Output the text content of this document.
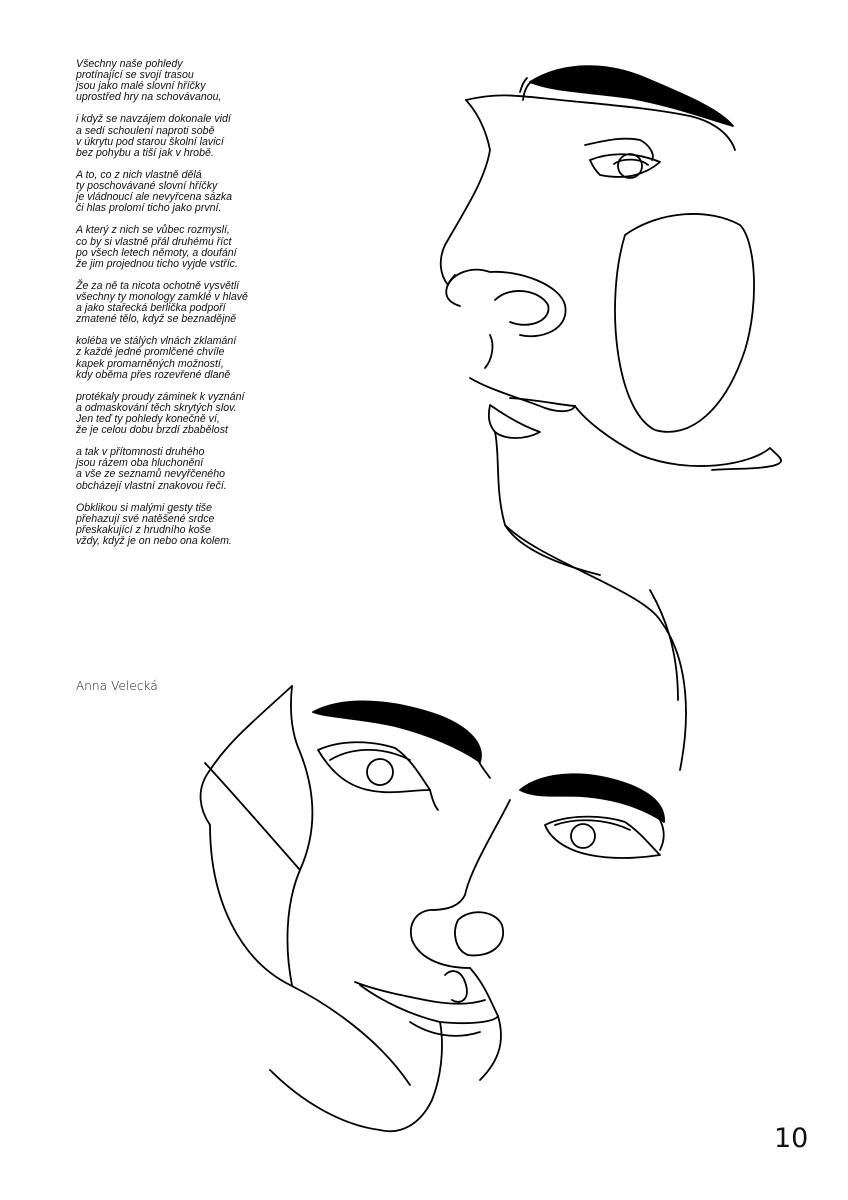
Všechny naše pohledy
protínající se svojí trasou
jsou jako malé slovní hříčky
uprostřed hry na schovávanou,
i když se navzájem dokonale vidí
a sedí schoulení naproti sobě
v úkrytu pod starou školní lavicí
bez pohybu a tiší jak v hrobě.
A to, co z nich vlastně dělá
ty poschovávané slovní hříčky
je vládnoucí ale nevyřcena sázka
či hlas prolomí ticho jako první.
A který z nich se vůbec rozmyslí,
co by si vlastně přál druhému říct
po všech letech němoty, a doufání
že jim projednou ticho vyjde vstříc.
Že za ně ta nicota ochotně vysvětlí
všechny ty monology zamklé v hlavě
a jako stařecká berlička podpoří
zmatené tělo, když se beznadějně
kolébа ve stálých vlnách zklamání
z každé jedné promlčené chvíle
kapek promarněných možností,
kdy oběma přes rozevřené dlaně
protékaly proudy záminek k vyznání
a odmaskování těch skrytých slov.
Jen teď ty pohledy konečně ví,
že je celou dobu brzdí zbabělost
a tak v přítomnosti druhého
jsou rázem oba hluchonění
a vše ze seznamů nevyřčeného
obcházejí vlastní znakovou řečí.
Obklikou si malými gesty tiše
přehazují své natěšené srdce
přeskakující z hrudního koše
vždy, když je on nebo ona kolem.
Anna Velecká
10
